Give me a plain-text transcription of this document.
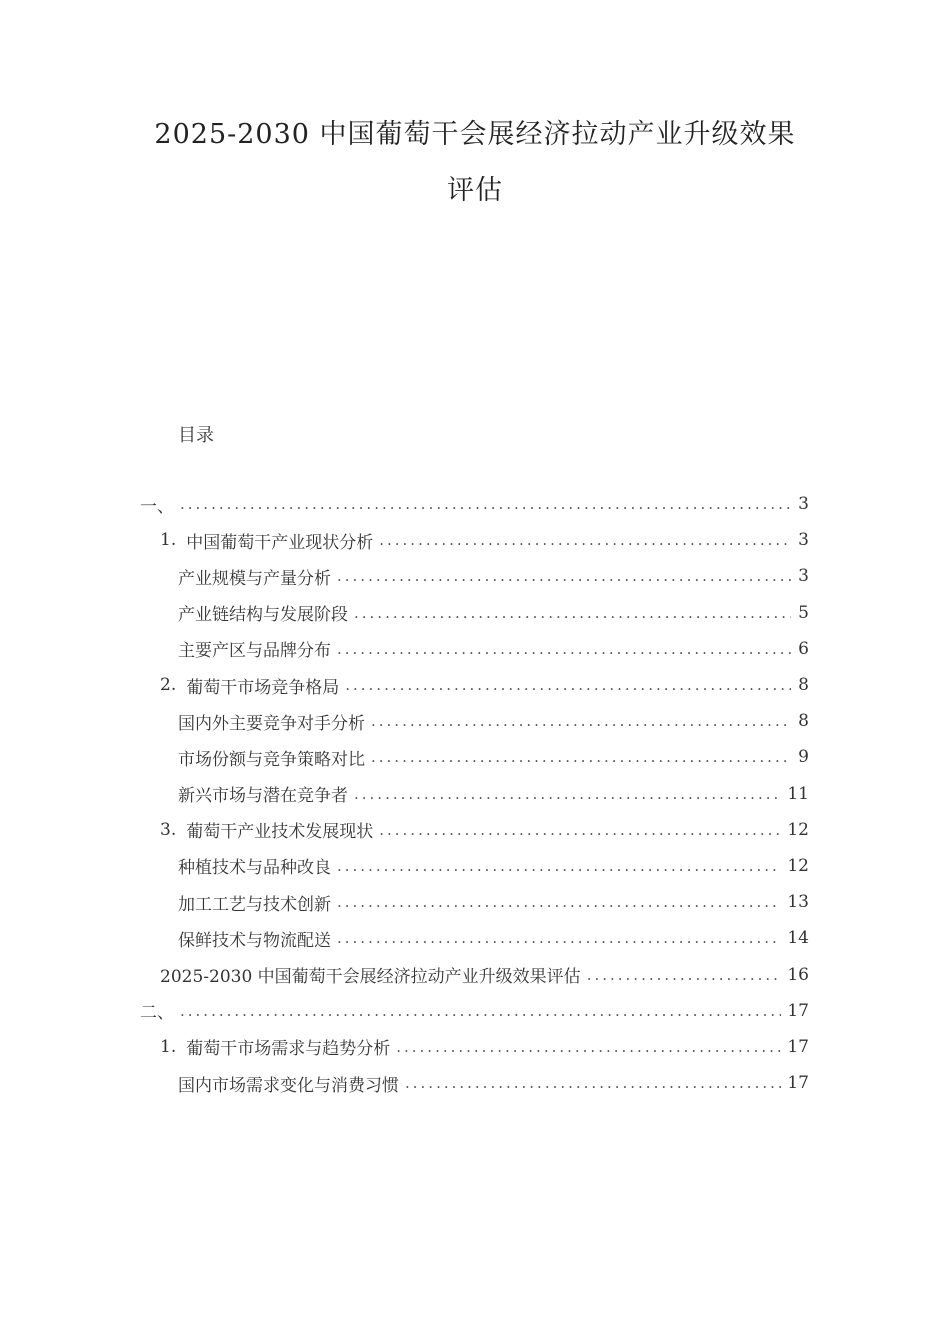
2025-2030 中国葡萄干会展经济拉动产业升级效果
评估
目录
一、 .....	3
1. 中国葡萄干产业现状分析 .....	3
产业规模与产量分析 .....	3
产业链结构与发展阶段 .....	5
主要产区与品牌分布 .....	6
2. 葡萄干市场竞争格局 .....	8
国内外主要竞争对手分析 .....	8
市场份额与竞争策略对比 .....	9
新兴市场与潜在竞争者 .....	11
3. 葡萄干产业技术发展现状 .....	12
种植技术与品种改良 .....	12
加工工艺与技术创新 .....	13
保鲜技术与物流配送 .....	14
2025-2030 中国葡萄干会展经济拉动产业升级效果评估 .....	16
二、 .....	17
1. 葡萄干市场需求与趋势分析 .....	17
国内市场需求变化与消费习惯 .....	17
